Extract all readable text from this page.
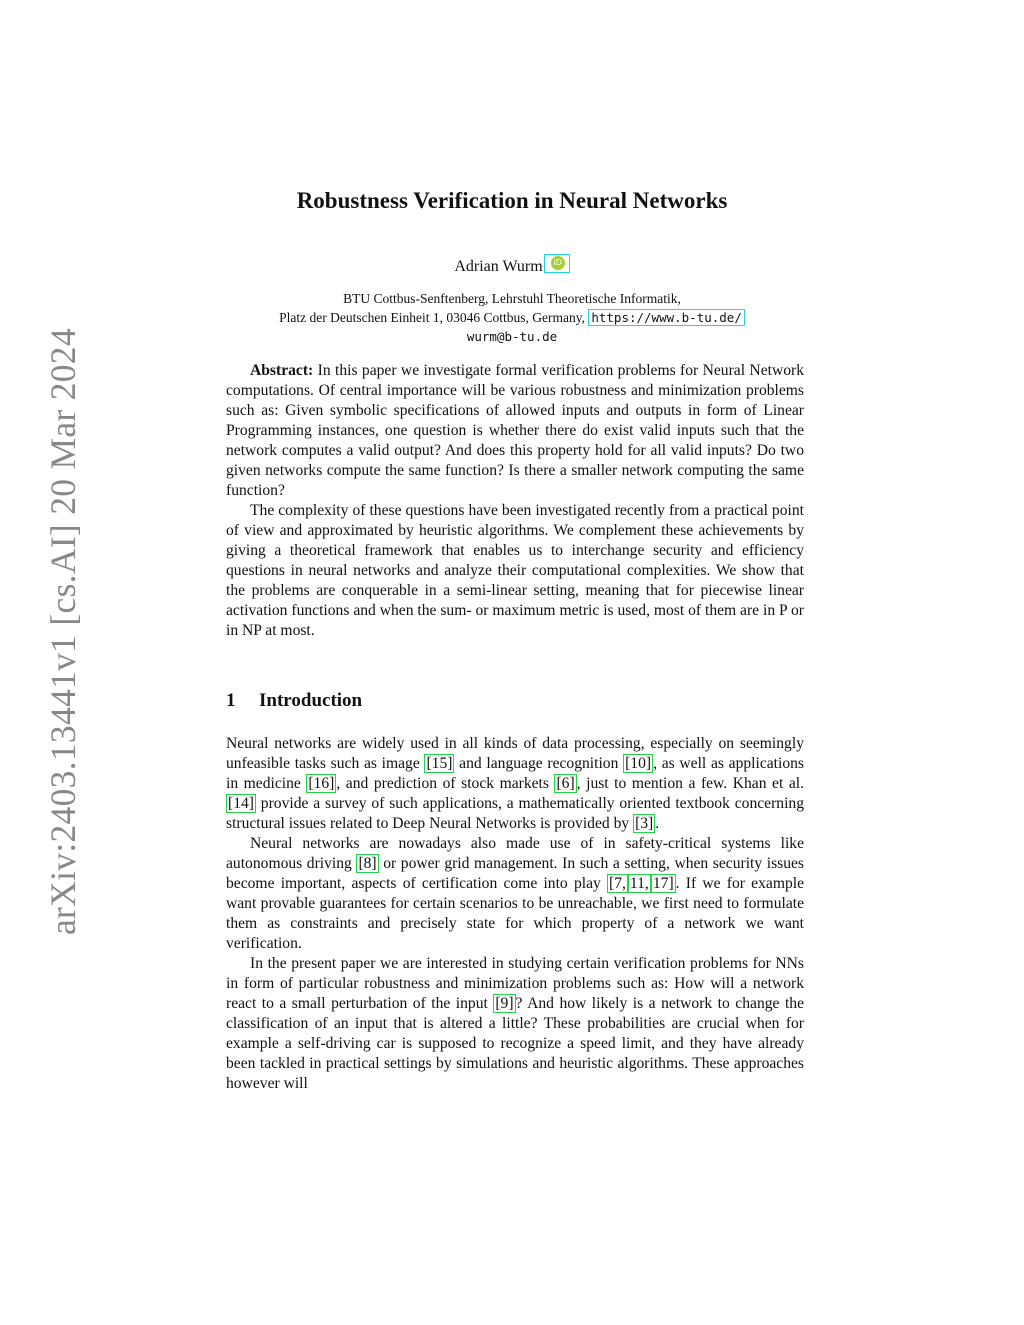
arXiv:2403.13441v1 [cs.AI] 20 Mar 2024
Robustness Verification in Neural Networks
Adrian Wurm	iD
BTU Cottbus-Senftenberg, Lehrstuhl Theoretische Informatik,
Platz der Deutschen Einheit 1, 03046 Cottbus, Germany, https://www.b-tu.de/
wurm@b-tu.de

Abstract: In this paper we investigate formal verification problems for Neural Network computations. Of central importance will be various robustness and minimization problems such as: Given symbolic specifications of allowed inputs and outputs in form of Linear Programming instances, one question is whether there do exist valid inputs such that the network computes a valid output? And does this property hold for all valid inputs? Do two given networks compute the same function? Is there a smaller network computing the same function?

The complexity of these questions have been investigated recently from a practical point of view and approximated by heuristic algorithms. We complement these achievements by giving a theoretical framework that enables us to interchange security and efficiency questions in neural networks and analyze their computational complexities. We show that the problems are conquerable in a semi-linear setting, meaning that for piecewise linear activation functions and when the sum- or maximum metric is used, most of them are in P or in NP at most.

1 Introduction

Neural networks are widely used in all kinds of data processing, especially on seemingly unfeasible tasks such as image [15] and language recognition [10] , as well as applications in medicine [16] , and prediction of stock markets [6] , just to mention a few. Khan et al. [14] provide a survey of such applications, a mathematically oriented textbook concerning structural issues related to Deep Neural Networks is provided by [3] .

Neural networks are nowadays also made use of in safety-critical systems like autonomous driving [8] or power grid management. In such a setting, when security issues become important, aspects of certification come into play [7, 11, 17] . If we for example want provable guarantees for certain scenarios to be unreachable, we first need to formulate them as constraints and precisely state for which property of a network we want verification.

In the present paper we are interested in studying certain verification problems for NNs in form of particular robustness and minimization problems such as: How will a network react to a small perturbation of the input [9] ? And how likely is a network to change the classification of an input that is altered a little? These probabilities are crucial when for example a self-driving car is supposed to recognize a speed limit, and they have already been tackled in practical settings by simulations and heuristic algorithms. These approaches however will
